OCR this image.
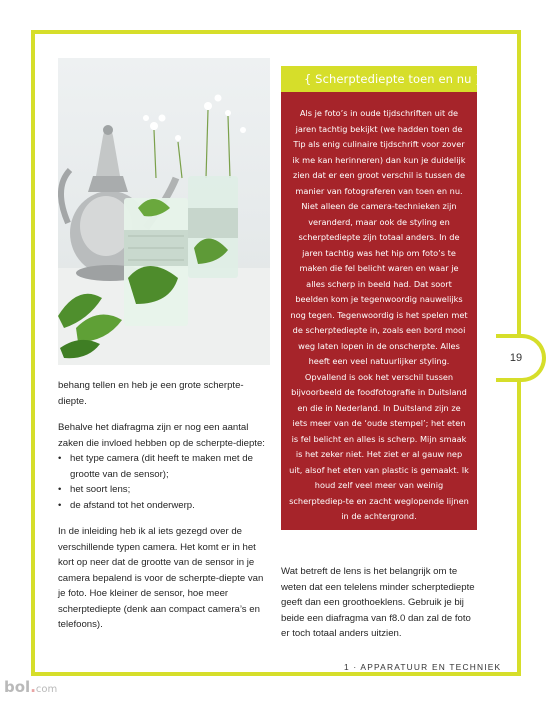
{ Scherptediepte toen en nu }

Als je foto’s in oude tijdschriften uit de jaren tachtig bekijkt (we hadden toen de Tip als enig culinaire tijdschrift voor zover ik me kan herinneren) dan kun je duidelijk zien dat er een groot verschil is tussen de manier van fotograferen van toen en nu. Niet alleen de camera-technieken zijn veranderd, maar ook de styling en scherptediepte zijn totaal anders. In de jaren tachtig was het hip om foto’s te maken die fel belicht waren en waar je alles scherp in beeld had. Dat soort beelden kom je tegenwoordig nauwelijks nog tegen. Tegenwoordig is het spelen met de scherptediepte in, zoals een bord mooi weg laten lopen in de onscherpte. Alles heeft een veel natuurlijker styling.

Opvallend is ook het verschil tussen bijvoorbeeld de foodfotografie in Duitsland en die in Nederland. In Duitsland zijn ze iets meer van de ‘oude stempel’; het eten is fel belicht en alles is scherp. Mijn smaak is het zeker niet. Het ziet er al gauw nep uit, alsof het eten van plastic is gemaakt. Ik houd zelf veel meer van weinig scherptediep-te en zacht weglopende lijnen in de achtergrond.

behang tellen en heb je een grote scherpte-diepte.

Behalve het diafragma zijn er nog een aantal zaken die invloed hebben op de scherpte-diepte:

• het type camera (dit heeft te maken met de grootte van de sensor);
• het soort lens;
• de afstand tot het onderwerp.

In de inleiding heb ik al iets gezegd over de verschillende typen camera. Het komt er in het kort op neer dat de grootte van de sensor in je camera bepalend is voor de scherpte-diepte van je foto. Hoe kleiner de sensor, hoe meer scherptediepte (denk aan compact camera’s en telefoons).

Wat betreft de lens is het belangrijk om te weten dat een telelens minder scherptediepte geeft dan een groothoeklens. Gebruik je bij beide een diafragma van f8.0 dan zal de foto er toch totaal anders uitzien.

19
1 · APPARATUUR EN TECHNIEK
bol.com
